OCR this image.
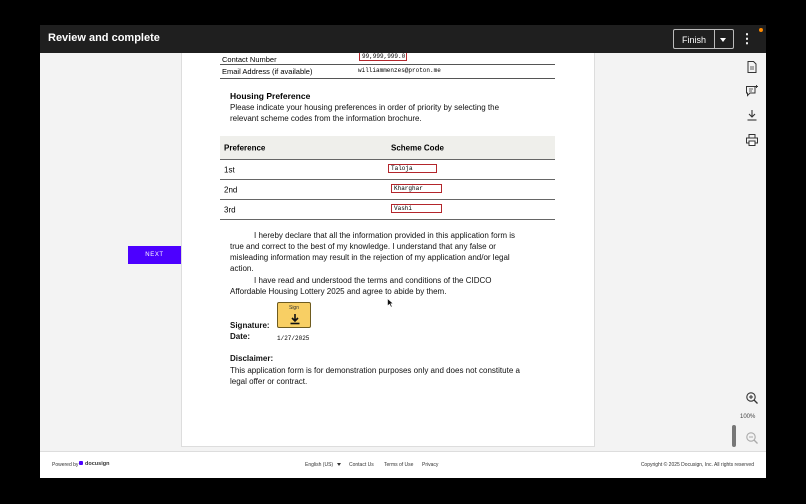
Review and complete	Finish	⋮
NEXT
Contact Number	99,999,999.0
Email Address (if available)	williammenzes@proton.me
Housing Preference
Please indicate your housing preferences in order of priority by selecting the
relevant scheme codes from the information brochure.
Preference	Scheme Code
1st	Taloja
2nd	Kharghar
3rd	Vashi
I hereby declare that all the information provided in this application form is
true and correct to the best of my knowledge. I understand that any false or
misleading information may result in the rejection of my application and/or legal
action.
I have read and understood the terms and conditions of the CIDCO
Affordable Housing Lottery 2025 and agree to abide by them.
Signature:
Sign
Date:	1/27/2025
Disclaimer:
This application form is for demonstration purposes only and does not constitute a
legal offer or contract.
100%
Powered by docusign	English (US)	Contact Us Terms of Use Privacy	Copyright © 2025 Docusign, Inc. All rights reserved
